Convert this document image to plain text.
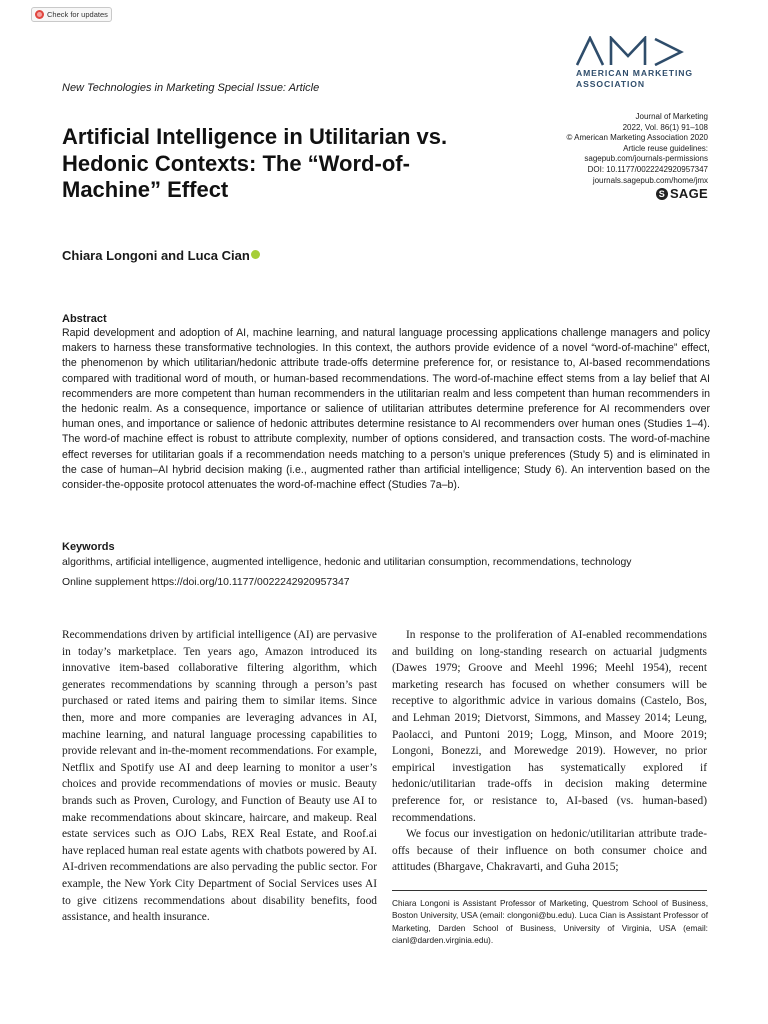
Check for updates
AMERICAN MARKETING
ASSOCIATION
New Technologies in Marketing Special Issue: Article
Artificial Intelligence in Utilitarian vs. Hedonic Contexts: The “Word-of-Machine” Effect
Journal of Marketing
2022, Vol. 86(1) 91–108
© American Marketing Association 2020
Article reuse guidelines:
sagepub.com/journals-permissions
DOI: 10.1177/0022242920957347
journals.sagepub.com/home/jmx
S SAGE
Chiara Longoni and Luca Cian
Abstract
Rapid development and adoption of AI, machine learning, and natural language processing applications challenge managers and policy makers to harness these transformative technologies. In this context, the authors provide evidence of a novel “word-of-machine” effect, the phenomenon by which utilitarian/hedonic attribute trade-offs determine preference for, or resistance to, AI-based recommendations compared with traditional word of mouth, or human-based recommendations. The word-of-machine effect stems from a lay belief that AI recommenders are more competent than human recommenders in the utilitarian realm and less competent than human recommenders in the hedonic realm. As a consequence, importance or salience of utilitarian attributes determine preference for AI recommenders over human ones, and importance or salience of hedonic attributes determine resistance to AI recommenders over human ones (Studies 1–4). The word-of machine effect is robust to attribute complexity, number of options considered, and transaction costs. The word-of-machine effect reverses for utilitarian goals if a recommendation needs matching to a person’s unique preferences (Study 5) and is eliminated in the case of human–AI hybrid decision making (i.e., augmented rather than artificial intelligence; Study 6). An intervention based on the consider-the-opposite protocol attenuates the word-of-machine effect (Studies 7a–b).
Keywords
algorithms, artificial intelligence, augmented intelligence, hedonic and utilitarian consumption, recommendations, technology
Online supplement https://doi.org/10.1177/0022242920957347

Recommendations driven by artificial intelligence (AI) are pervasive in today’s marketplace. Ten years ago, Amazon introduced its innovative item-based collaborative filtering algorithm, which generates recommendations by scanning through a person’s past purchased or rated items and pairing them to similar items. Since then, more and more companies are leveraging advances in AI, machine learning, and natural language processing capabilities to provide relevant and in-the-moment recommendations. For example, Netflix and Spotify use AI and deep learning to monitor a user’s choices and provide recommendations of movies or music. Beauty brands such as Proven, Curology, and Function of Beauty use AI to make recommendations about skincare, haircare, and makeup. Real estate services such as OJO Labs, REX Real Estate, and Roof.ai have replaced human real estate agents with chatbots powered by AI. AI-driven recommendations are also pervading the public sector. For example, the New York City Department of Social Services uses AI to give citizens recommendations about disability benefits, food assistance, and health insurance.

In response to the proliferation of AI-enabled recommendations and building on long-standing research on actuarial judgments (Dawes 1979; Groove and Meehl 1996; Meehl 1954), recent marketing research has focused on whether consumers will be receptive to algorithmic advice in various domains (Castelo, Bos, and Lehman 2019; Dietvorst, Simmons, and Massey 2014; Leung, Paolacci, and Puntoni 2019; Logg, Minson, and Moore 2019; Longoni, Bonezzi, and Morewedge 2019). However, no prior empirical investigation has systematically explored if hedonic/utilitarian trade-offs in decision making determine preference for, or resistance to, AI-based (vs. human-based) recommendations.

We focus our investigation on hedonic/utilitarian attribute trade-offs because of their influence on both consumer choice and attitudes (Bhargave, Chakravarti, and Guha 2015;

Chiara Longoni is Assistant Professor of Marketing, Questrom School of Business, Boston University, USA (email: clongoni@bu.edu). Luca Cian is Assistant Professor of Marketing, Darden School of Business, University of Virginia, USA (email: cianl@darden.virginia.edu).
